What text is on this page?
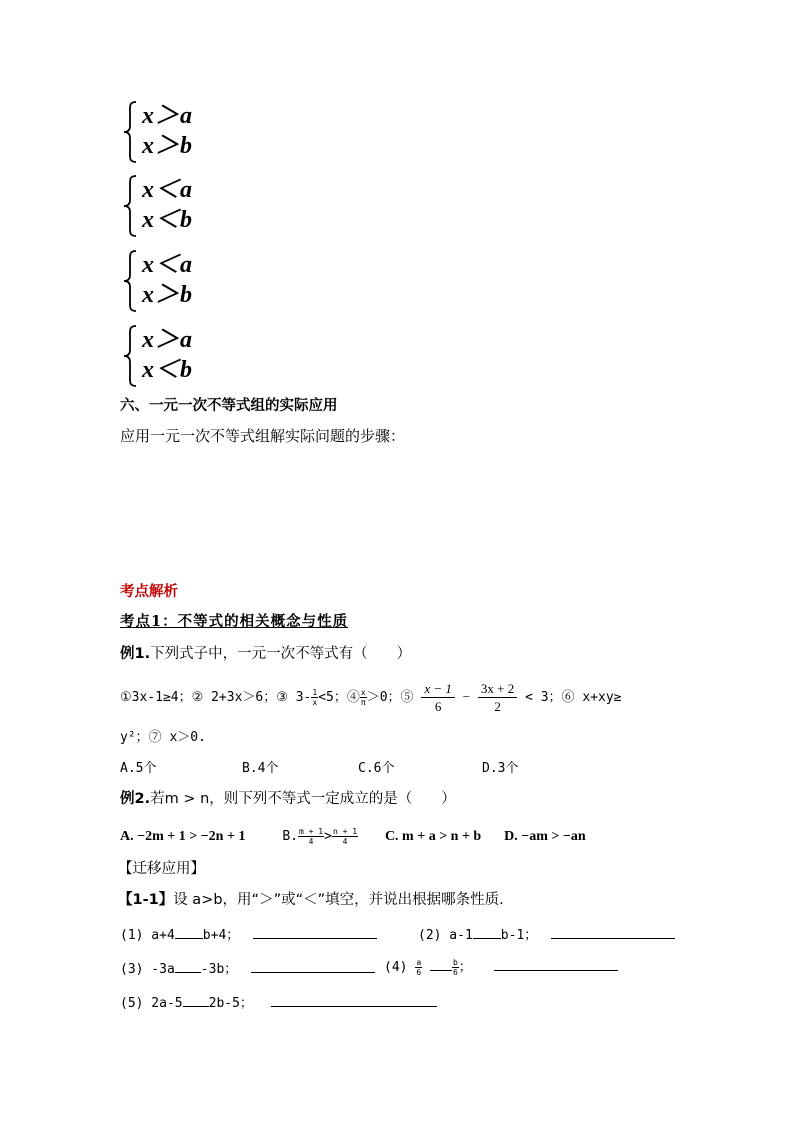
x＞a
x＞b
x＜a
x＜b
x＜a
x＞b
x＞a
x＜b
六、一元一次不等式组的实际应用
应用一元一次不等式组解实际问题的步骤：
考点解析
考点1：不等式的相关概念与性质
例1.下列式子中，一元一次不等式有（　　）
①3x-1≥4；② 2+3x＞6；③ $3- \frac{1}{x} <5$；④ $\frac{x}{\pi} >0$；⑤ $\frac{x - 1}{6} - \frac{3x + 2}{2} < 3$；⑥ x+xy≥
y²；⑦ x＞0.
A.5个	B.4个	C.6个	D.3个
例2.若m > n，则下列不等式一定成立的是（　　）
A. −2m + 1 > −2n + 1	B. $\frac{m + 1}{4} > \frac{n + 1}{4} C$. m + a > n + b D. −am > −an
【迁移应用】
【1-1】设 a>b，用“＞”或“＜”填空，并说出根据哪条性质.
(1) a+4 b+4；	(2) a-1 b-1；
(3) -3a -3b；	$(4) \frac{a}{6}$
	$\frac{b}{6}$ ；
(5) 2a-5 2b-5；
